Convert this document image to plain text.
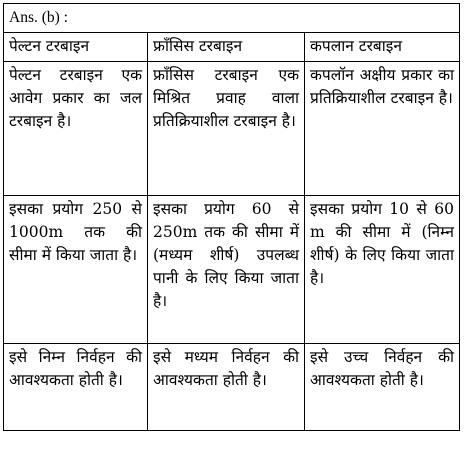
Ans. (b) :		
पेल्टन टरबाइन	फ्राँसिस टरबाइन	कपलान टरबाइन
पेल्टन टरबाइन एक आवेग प्रकार का जल टरबाइन है।	फ्राँसिस टरबाइन एक मिश्रित प्रवाह वाला प्रतिक्रियाशील टरबाइन है।	कपलॉन अक्षीय प्रकार का प्रतिक्रियाशील टरबाइन है।
इसका प्रयोग 250 से 1000m तक की सीमा में किया जाता है।	इसका प्रयोग 60 से 250m तक की सीमा में (मध्यम शीर्ष) उपलब्ध पानी के लिए किया जाता है।	इसका प्रयोग 10 से 60 m की सीमा में (निम्न शीर्ष) के लिए किया जाता है।
इसे निम्न निर्वहन की आवश्यकता होती है।	इसे मध्यम निर्वहन की आवश्यकता होती है।	इसे उच्च निर्वहन की आवश्यकता होती है।
